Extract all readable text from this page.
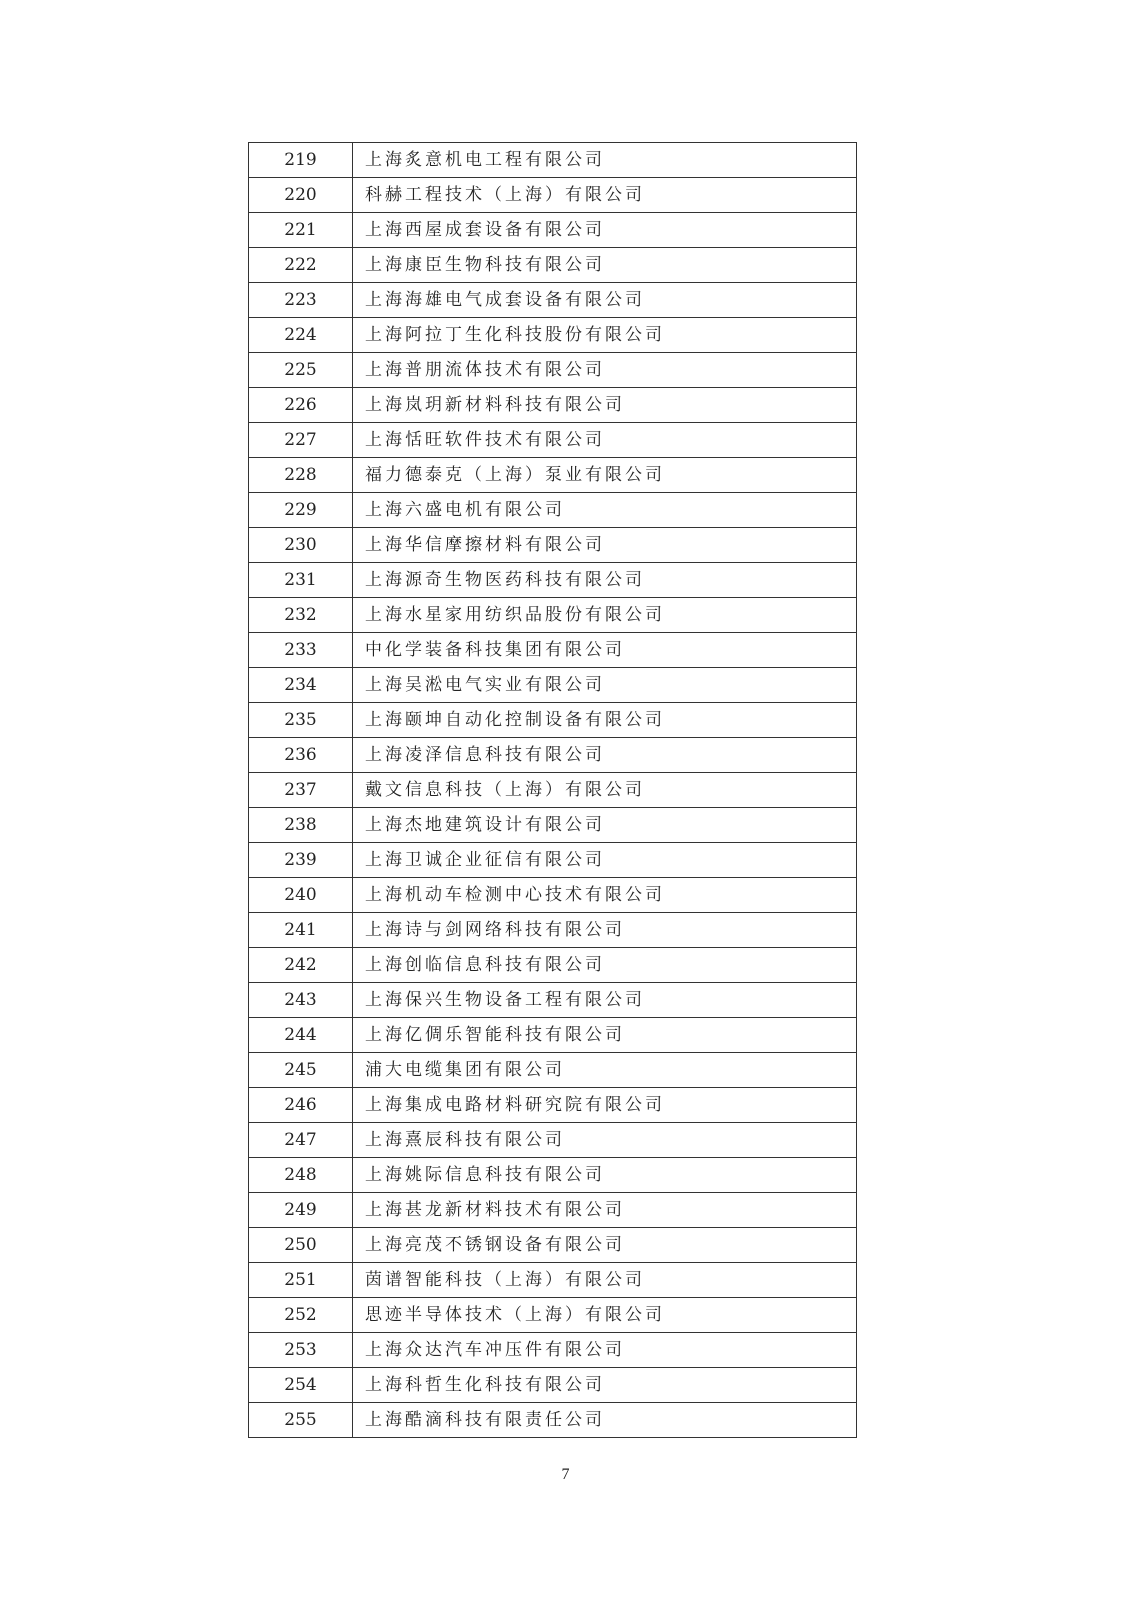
219	上海炙意机电工程有限公司
220	科赫工程技术（上海）有限公司
221	上海西屋成套设备有限公司
222	上海康臣生物科技有限公司
223	上海海雄电气成套设备有限公司
224	上海阿拉丁生化科技股份有限公司
225	上海普朋流体技术有限公司
226	上海岚玥新材料科技有限公司
227	上海恬旺软件技术有限公司
228	福力德泰克（上海）泵业有限公司
229	上海六盛电机有限公司
230	上海华信摩擦材料有限公司
231	上海源奇生物医药科技有限公司
232	上海水星家用纺织品股份有限公司
233	中化学装备科技集团有限公司
234	上海吴淞电气实业有限公司
235	上海颐坤自动化控制设备有限公司
236	上海凌泽信息科技有限公司
237	戴文信息科技（上海）有限公司
238	上海杰地建筑设计有限公司
239	上海卫诚企业征信有限公司
240	上海机动车检测中心技术有限公司
241	上海诗与剑网络科技有限公司
242	上海创临信息科技有限公司
243	上海保兴生物设备工程有限公司
244	上海亿倜乐智能科技有限公司
245	浦大电缆集团有限公司
246	上海集成电路材料研究院有限公司
247	上海熹辰科技有限公司
248	上海姚际信息科技有限公司
249	上海甚龙新材料技术有限公司
250	上海亮茂不锈钢设备有限公司
251	茵谱智能科技（上海）有限公司
252	思迹半导体技术（上海）有限公司
253	上海众达汽车冲压件有限公司
254	上海科哲生化科技有限公司
255	上海酷滴科技有限责任公司
7
